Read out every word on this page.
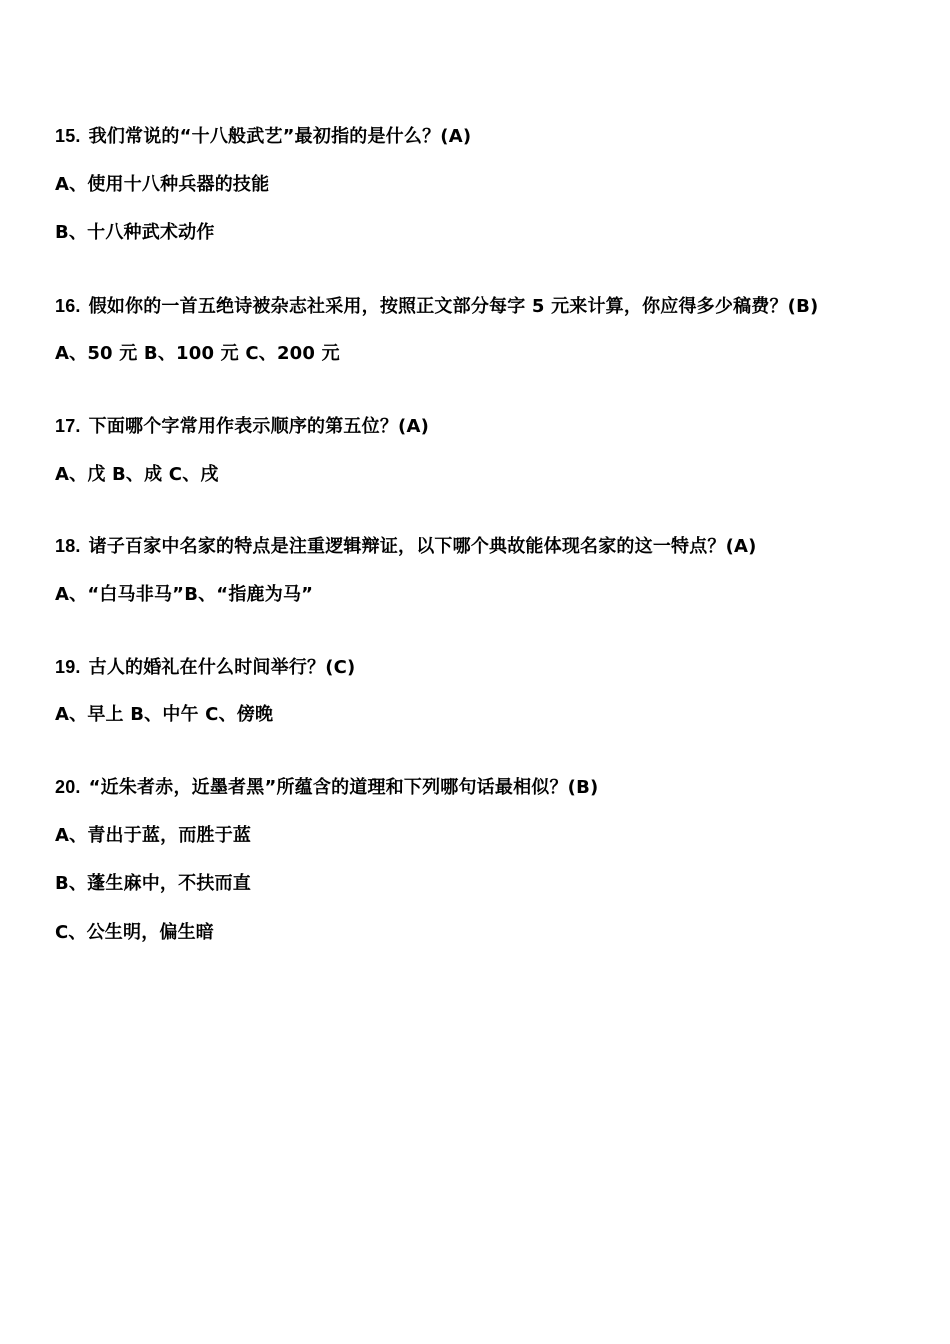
15. 我们常说的“十八般武艺”最初指的是什么？(A)
A、使用十八种兵器的技能
B、十八种武术动作
16. 假如你的一首五绝诗被杂志社采用，按照正文部分每字 5 元来计算，你应得多少稿费？(B)
A、50 元 B、100 元 C、200 元
17. 下面哪个字常用作表示顺序的第五位？(A)
A、戊 B、成 C、戌
18. 诸子百家中名家的特点是注重逻辑辩证，以下哪个典故能体现名家的这一特点？(A)
A、“白马非马”B、“指鹿为马”
19. 古人的婚礼在什么时间举行？(C)
A、早上 B、中午 C、傍晚
20. “近朱者赤，近墨者黑”所蕴含的道理和下列哪句话最相似？(B)
A、青出于蓝，而胜于蓝
B、蓬生麻中，不扶而直
C、公生明，偏生暗
